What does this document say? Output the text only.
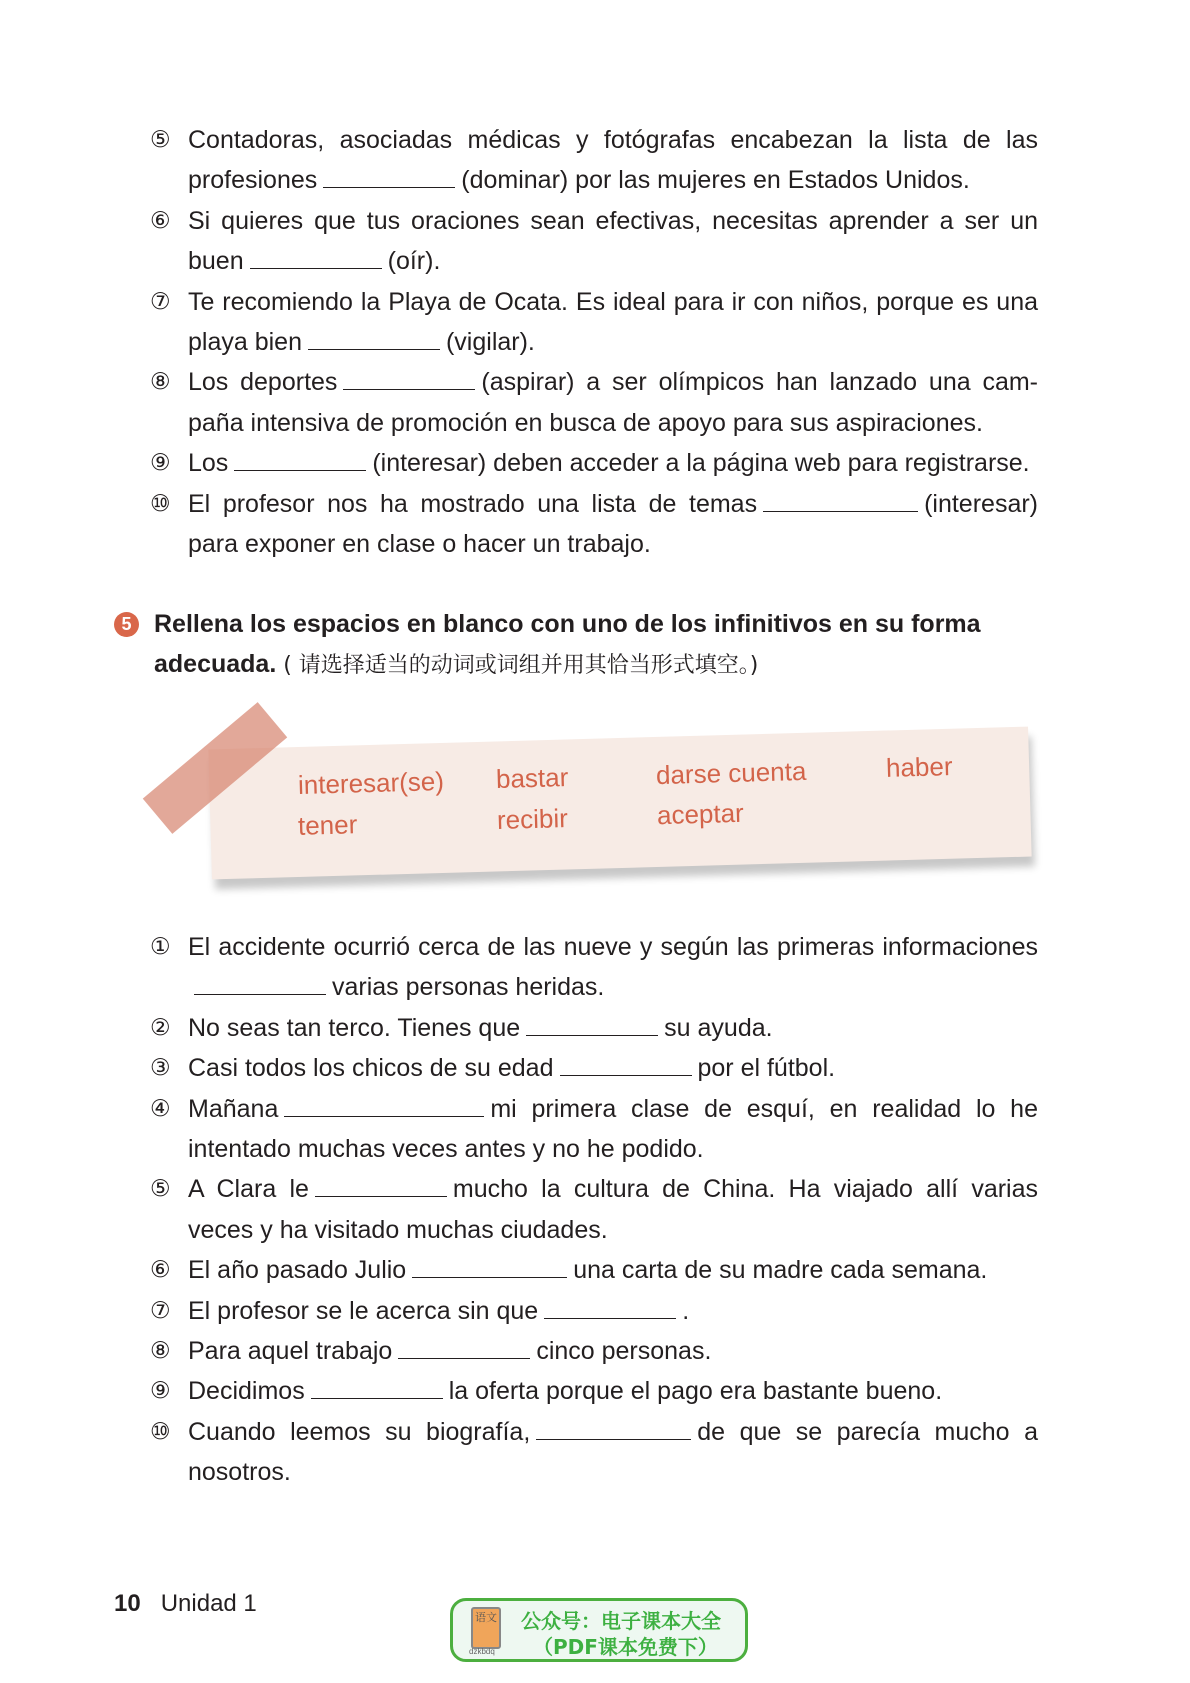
⑤ Contadoras, asociadas médicas y fotógrafas encabezan la lista de las profesiones	(dominar) por las mujeres en Estados Unidos.
⑥ Si quieres que tus oraciones sean efectivas, necesitas aprender a ser un buen	(oír).
⑦ Te recomiendo la Playa de Ocata. Es ideal para ir con niños, porque es una playa bien	(vigilar).
⑧ Los deportes	(aspirar) a ser olímpicos han lanzado una campaña intensiva de promoción en busca de apoyo para sus aspiraciones.
⑨ Los	(interesar) deben acceder a la página web para registrarse.
⑩ El profesor nos ha mostrado una lista de temas	(interesar) para exponer en clase o hacer un trabajo.
5 Rellena los espacios en blanco con uno de los infinitivos en su forma adecuada. ( 请选择适当的动词或词组并用其恰当形式填空。)
interesar(se) bastar	darse cuenta	haber
tener	recibir	aceptar
① El accidente ocurrió cerca de las nueve y según las primeras informacionesvarias personas heridas.
② No seas tan terco. Tienes que	su ayuda.
③ Casi todos los chicos de su edad	por el fútbol.
④ Mañana	mi primera clase de esquí, en realidad lo he intentado muchas veces antes y no he podido.
⑤ A Clara le	mucho la cultura de China. Ha viajado allí varias veces y ha visitado muchas ciudades.
⑥ El año pasado Julio	una carta de su madre cada semana.
⑦ El profesor se le acerca sin que	.
⑧ Para aquel trabajo	cinco personas.
⑨ Decidimos	la oferta porque el pago era bastante bueno.
⑩ Cuando leemos su biografía,	de que se parecía mucho a nosotros.
10 Unidad 1
语文
dzkbdq
公众号：电子课本大全
（PDF课本免费下）
